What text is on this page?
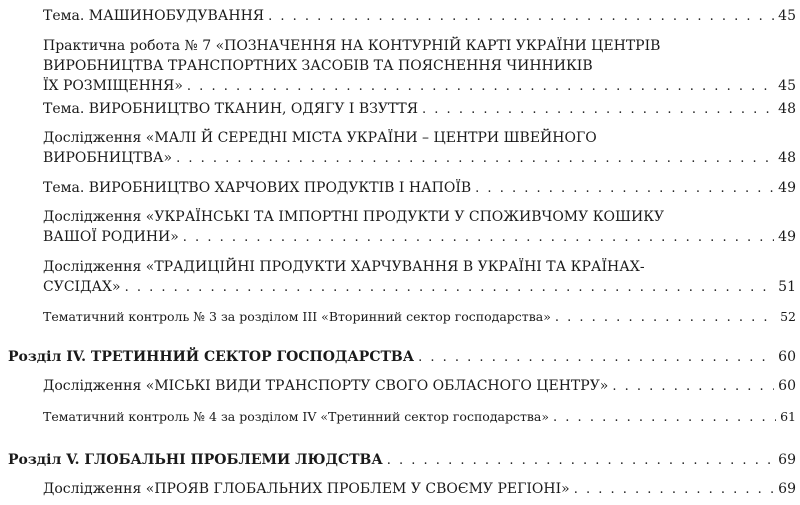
Тема. МАШИНОБУДУВАННЯ . . .	45
Практична робота № 7 «ПОЗНАЧЕННЯ НА КОНТУРНІЙ КАРТІ УКРАЇНИ ЦЕНТРІВ
ВИРОБНИЦТВА ТРАНСПОРТНИХ ЗАСОБІВ ТА ПОЯСНЕННЯ ЧИННИКІВ
ЇХ РОЗМІЩЕННЯ» . . .	45
Тема. ВИРОБНИЦТВО ТКАНИН, ОДЯГУ І ВЗУТТЯ . . .	48
Дослідження «МАЛІ Й СЕРЕДНІ МІСТА УКРАЇНИ – ЦЕНТРИ ШВЕЙНОГО
ВИРОБНИЦТВА» . . .	48
Тема. ВИРОБНИЦТВО ХАРЧОВИХ ПРОДУКТІВ І НАПОЇВ . . .	49
Дослідження «УКРАЇНСЬКІ ТА ІМПОРТНІ ПРОДУКТИ У СПОЖИВЧОМУ КОШИКУ
ВАШОЇ РОДИНИ» . . .	49
Дослідження «ТРАДИЦІЙНІ ПРОДУКТИ ХАРЧУВАННЯ В УКРАЇНІ ТА КРАЇНАХ-
СУСІДАХ» . . .	51
Тематичний контроль № 3 за розділом ІІІ «Вторинний сектор господарства» . . .	52
Розділ IV. ТРЕТИННИЙ СЕКТОР ГОСПОДАРСТВА . . .	60
Дослідження «МІСЬКІ ВИДИ ТРАНСПОРТУ СВОГО ОБЛАСНОГО ЦЕНТРУ» . . .	60
Тематичний контроль № 4 за розділом IV «Третинний сектор господарства» . . .	61
Розділ V. ГЛОБАЛЬНІ ПРОБЛЕМИ ЛЮДСТВА . . .	69
Дослідження «ПРОЯВ ГЛОБАЛЬНИХ ПРОБЛЕМ У СВОЄМУ РЕГІОНІ» . . .	69
